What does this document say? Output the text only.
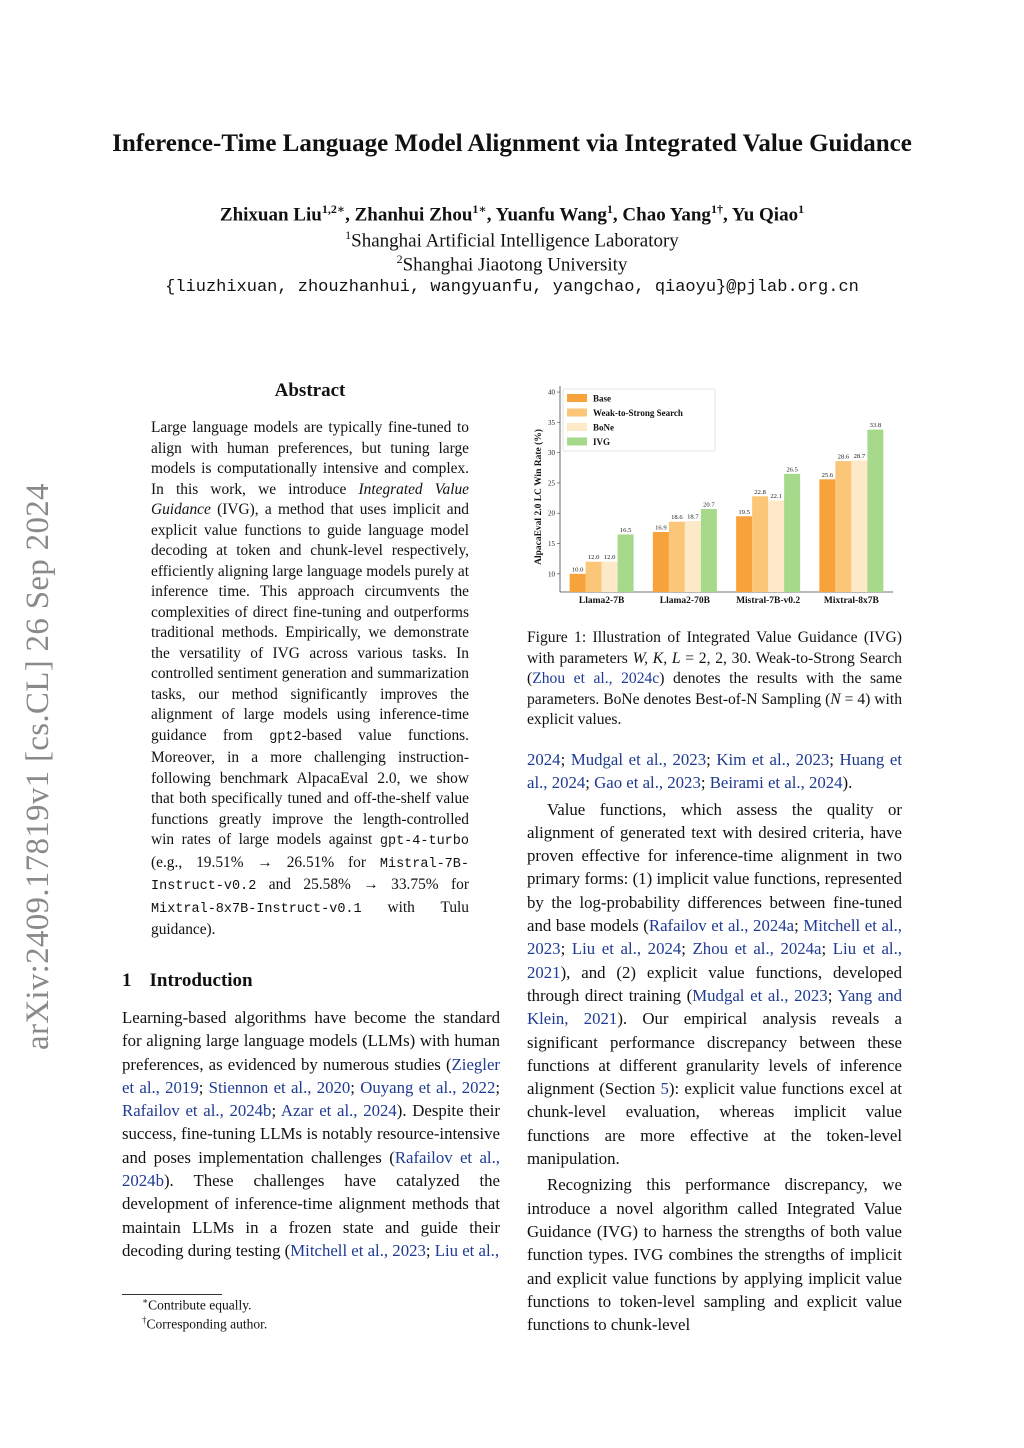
arXiv:2409.17819v1 [cs.CL] 26 Sep 2024
Inference-Time Language Model Alignment via Integrated Value Guidance
Zhixuan Liu$^{1,2∗}$, Zhanhui Zhou$^{1∗}$, Yuanfu Wang$^1$, Chao Yang$^{1\dagger}$, Yu Qiao$^1$
$^1$Shanghai Artificial Intelligence Laboratory
$^2$Shanghai Jiaotong University
{liuzhixuan, zhouzhanhui, wangyuanfu, yangchao, qiaoyu}@pjlab.org.cn
Abstract
Large language models are typically fine-tuned to align with human preferences, but tuning large models is computationally intensive and complex. In this work, we introduce Integrated Value Guidance (IVG), a method that uses implicit and explicit value functions to guide language model decoding at token and chunk-level respectively, efficiently aligning large language models purely at inference time. This approach circumvents the complexities of direct fine-tuning and outperforms traditional methods. Empirically, we demonstrate the versatility of IVG across various tasks. In controlled sentiment generation and summarization tasks, our method significantly improves the alignment of large models using inference-time guidance from gpt2-based value functions. Moreover, in a more challenging instruction-following benchmark AlpacaEval 2.0, we show that both specifically tuned and off-the-shelf value functions greatly improve the length-controlled win rates of large models against gpt-4-turbo (e.g., 19.51% → 26.51% for Mistral-7B-Instruct-v0.2 and 25.58% → 33.75% for Mixtral-8x7B-Instruct-v0.1 with Tulu guidance).
1 Introduction
Learning-based algorithms have become the standard for aligning large language models (LLMs) with human preferences, as evidenced by numerous studies (Ziegler et al., 2019; Stiennon et al., 2020; Ouyang et al., 2022; Rafailov et al., 2024b; Azar et al., 2024). Despite their success, fine-tuning LLMs is notably resource-intensive and poses implementation challenges (Rafailov et al., 2024b). These challenges have catalyzed the development of inference-time alignment methods that maintain LLMs in a frozen state and guide their decoding during testing (Mitchell et al., 2023; Liu et al.,
∗Contribute equally.
†Corresponding author.
10
15
20
25
30
35
40
AlpacaEval 2.0 LC Win Rate (%)
Llama2-7B	Llama2-70B	Mistral-7B-v0.2 Mixtral-8x7B
10.0
12.0 12.0
16.5	16.9
18.6 18.7
20.7
19.5
22.8
22.1
26.5
25.6
28.6 28.7
33.8
Base
Weak-to-Strong Search
BoNe
IVG
Figure 1: Illustration of Integrated Value Guidance (IVG) with parameters W, K, L = 2, 2, 30. Weak-to-Strong Search (Zhou et al., 2024c) denotes the results with the same parameters. BoNe denotes Best-of-N Sampling (N = 4) with explicit values.

2024; Mudgal et al., 2023; Kim et al., 2023; Huang et al., 2024; Gao et al., 2023; Beirami et al., 2024).

Value functions, which assess the quality or alignment of generated text with desired criteria, have proven effective for inference-time alignment in two primary forms: (1) implicit value functions, represented by the log-probability differences between fine-tuned and base models (Rafailov et al., 2024a; Mitchell et al., 2023; Liu et al., 2024; Zhou et al., 2024a; Liu et al., 2021), and (2) explicit value functions, developed through direct training (Mudgal et al., 2023; Yang and Klein, 2021). Our empirical analysis reveals a significant performance discrepancy between these functions at different granularity levels of inference alignment (Section 5): explicit value functions excel at chunk-level evaluation, whereas implicit value functions are more effective at the token-level manipulation.

Recognizing this performance discrepancy, we introduce a novel algorithm called Integrated Value Guidance (IVG) to harness the strengths of both value function types. IVG combines the strengths of implicit and explicit value functions by applying implicit value functions to token-level sampling and explicit value functions to chunk-level
